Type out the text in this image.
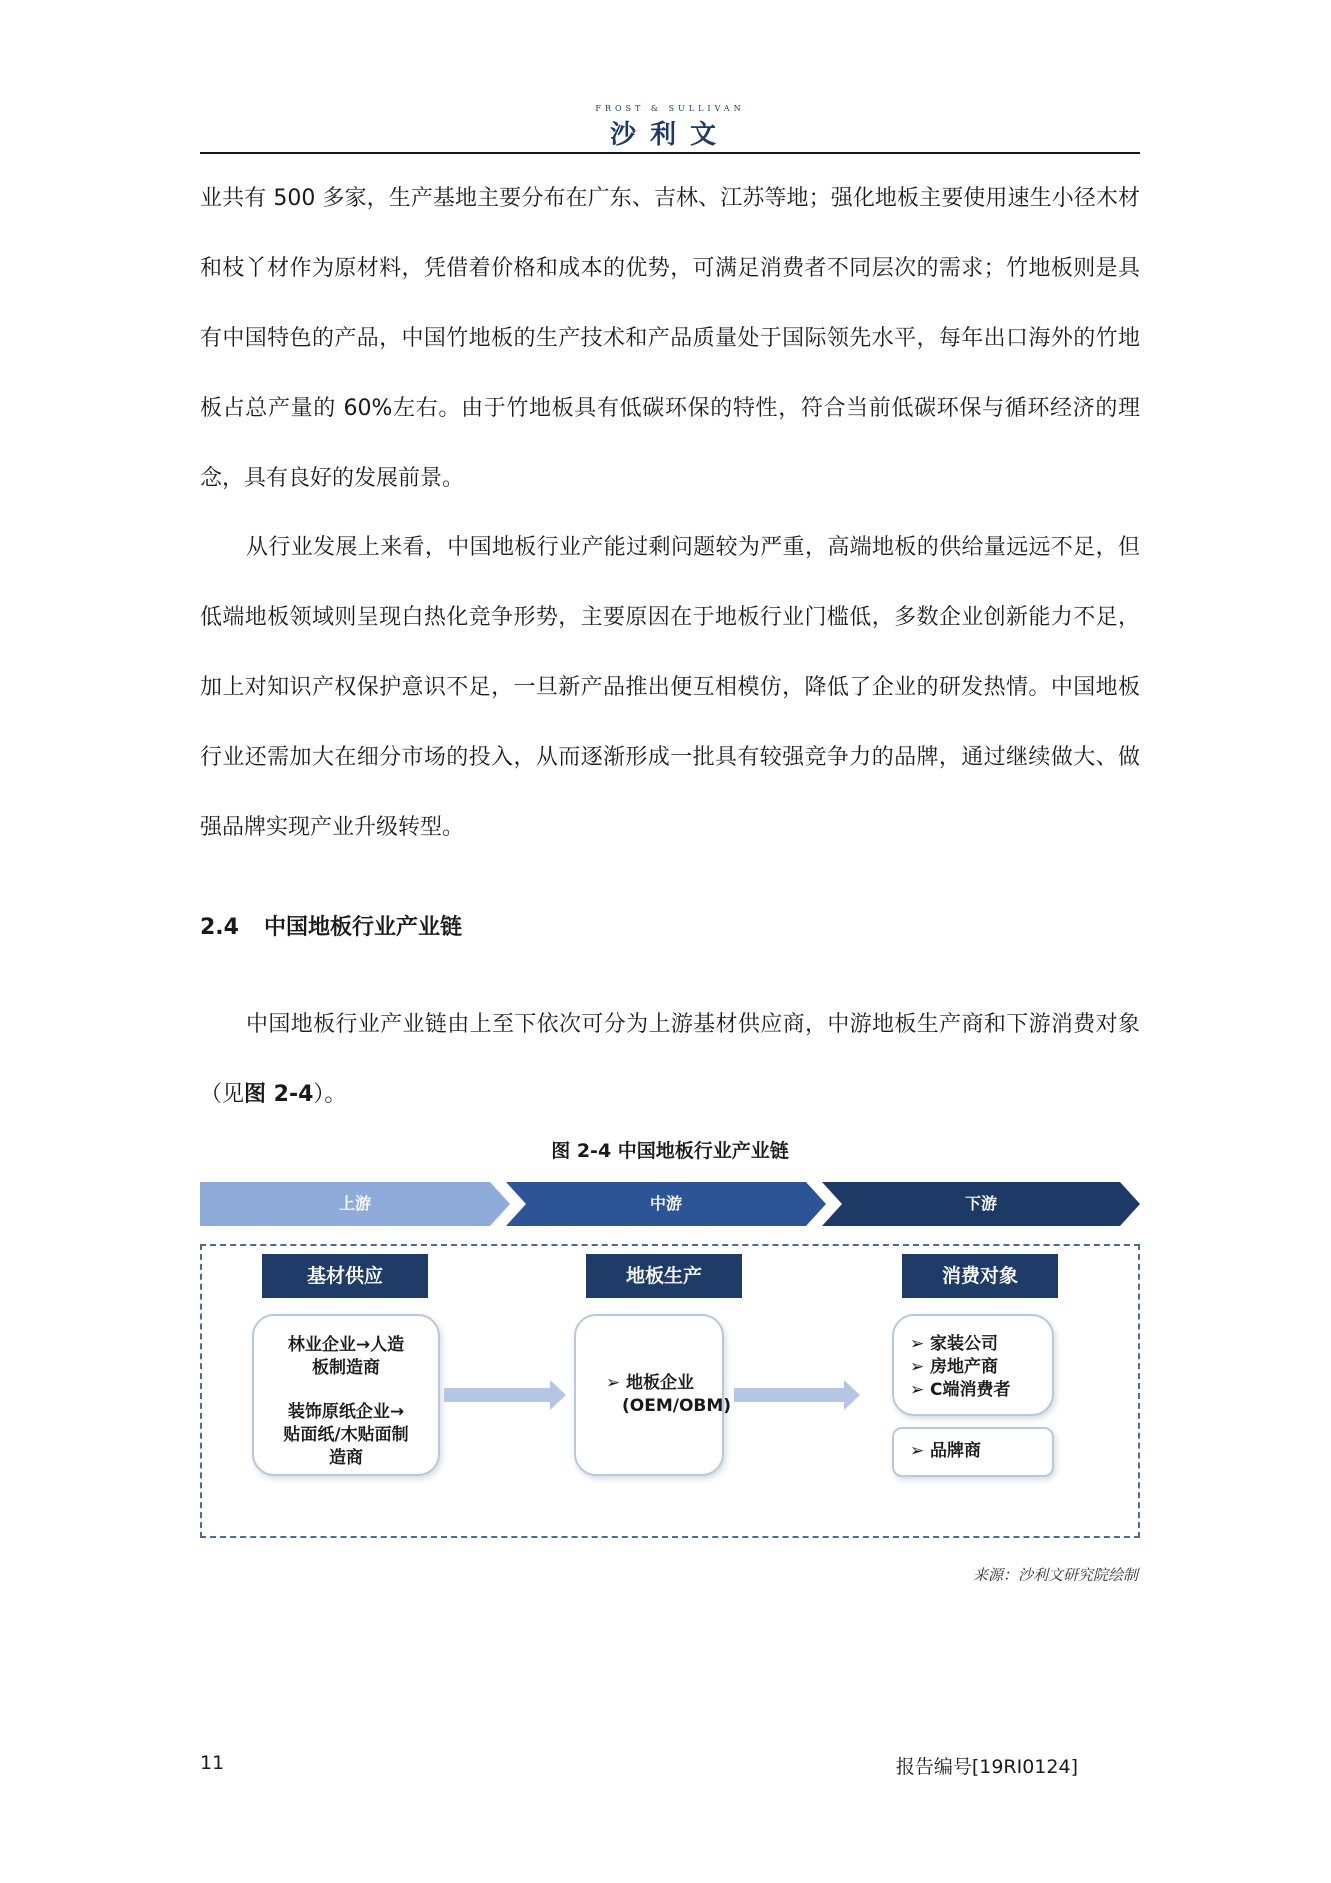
FROST & SULLIVAN
沙利文

业共有 500 多家，生产基地主要分布在广东、吉林、江苏等地；强化地板主要使用速生小径木材和枝丫材作为原材料，凭借着价格和成本的优势，可满足消费者不同层次的需求；竹地板则是具有中国特色的产品，中国竹地板的生产技术和产品质量处于国际领先水平，每年出口海外的竹地板占总产量的 60%左右。由于竹地板具有低碳环保的特性，符合当前低碳环保与循环经济的理念，具有良好的发展前景。

从行业发展上来看，中国地板行业产能过剩问题较为严重，高端地板的供给量远远不足，但低端地板领域则呈现白热化竞争形势，主要原因在于地板行业门槛低，多数企业创新能力不足，加上对知识产权保护意识不足，一旦新产品推出便互相模仿，降低了企业的研发热情。中国地板行业还需加大在细分市场的投入，从而逐渐形成一批具有较强竞争力的品牌，通过继续做大、做强品牌实现产业升级转型。

2.4 中国地板行业产业链

中国地板行业产业链由上至下依次可分为上游基材供应商，中游地板生产商和下游消费对象（见图 2-4）。

图 2-4 中国地板行业产业链
上游	中游	下游
基材供应	地板生产	消费对象
林业企业→人造
板制造商
装饰原纸企业→
贴面纸/木贴面制
造商
➢ 地板企业
(OEM/OBM)
➢ 家装公司
➢ 房地产商
➢ C端消费者
➢ 品牌商
来源：沙利文研究院绘制
11	报告编号[19RI0124]
